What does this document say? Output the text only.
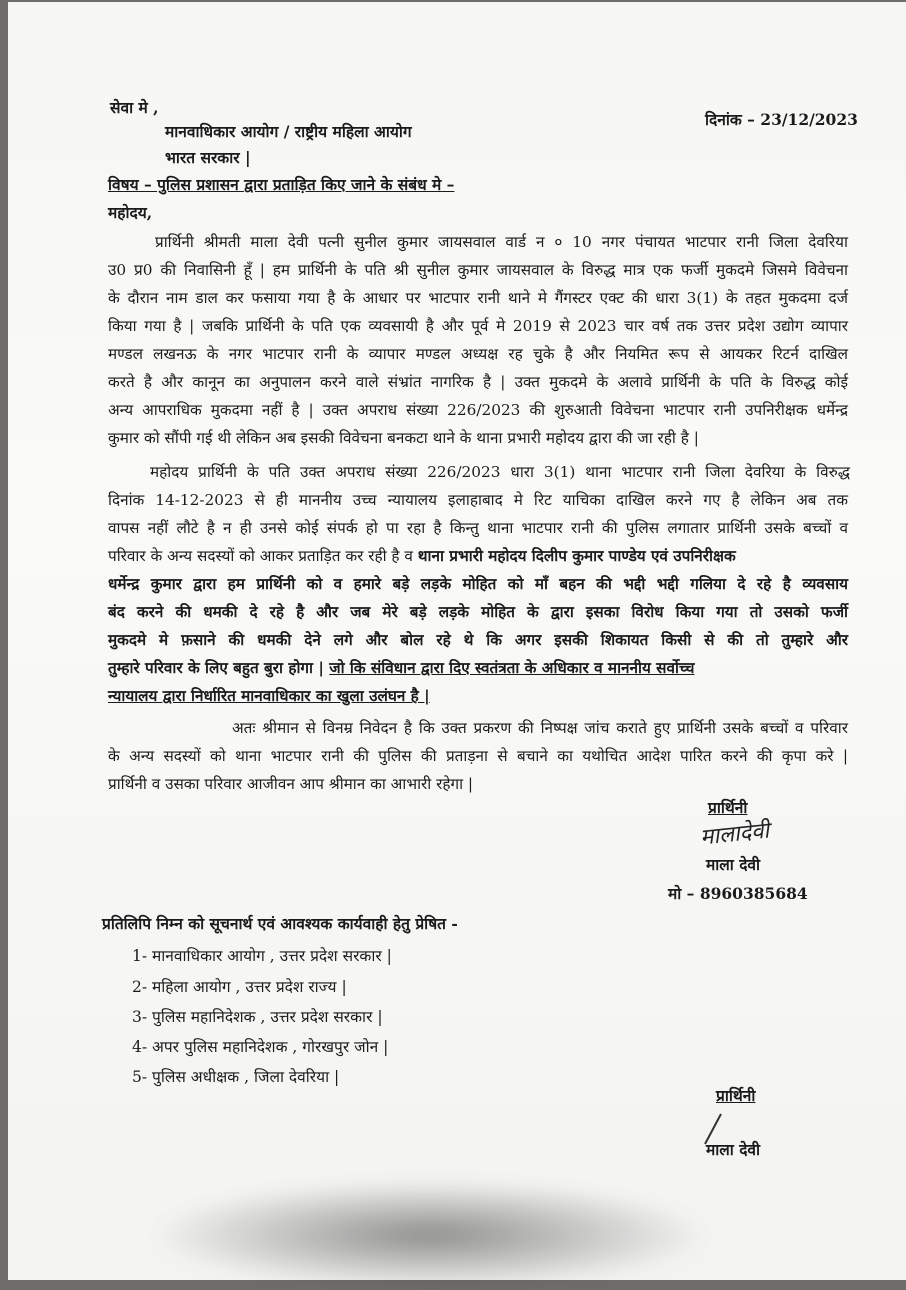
सेवा मे ,
मानवाधिकार आयोग / राष्ट्रीय महिला आयोग
भारत सरकार |
दिनांक – 23/12/2023
विषय – पुलिस प्रशासन द्वारा प्रताड़ित किए जाने के संबंध मे –
महोदय,
प्रार्थिनी श्रीमती माला देवी पत्नी सुनील कुमार जायसवाल वार्ड न ० 10 नगर पंचायत भाटपार रानी जिला देवरिया
उ0 प्र0 की निवासिनी हूँ | हम प्रार्थिनी के पति श्री सुनील कुमार जायसवाल के विरुद्ध मात्र एक फर्जी मुकदमे जिसमे विवेचना
के दौरान नाम डाल कर फसाया गया है के आधार पर भाटपार रानी थाने मे गैंगस्टर एक्ट की धारा 3(1) के तहत मुकदमा दर्ज
किया गया है | जबकि प्रार्थिनी के पति एक व्यवसायी है और पूर्व मे 2019 से 2023 चार वर्ष तक उत्तर प्रदेश उद्योग व्यापार
मण्डल लखनऊ के नगर भाटपार रानी के व्यापार मण्डल अध्यक्ष रह चुके है और नियमित रूप से आयकर रिटर्न दाखिल
करते है और कानून का अनुपालन करने वाले संभ्रांत नागरिक है | उक्त मुकदमे के अलावे प्रार्थिनी के पति के विरुद्ध कोई
अन्य आपराधिक मुकदमा नहीं है | उक्त अपराध संख्या 226/2023 की शुरुआती विवेचना भाटपार रानी उपनिरीक्षक धर्मेन्द्र
कुमार को सौंपी गई थी लेकिन अब इसकी विवेचना बनकटा थाने के थाना प्रभारी महोदय द्वारा की जा रही है |
महोदय प्रार्थिनी के पति उक्त अपराध संख्या 226/2023 धारा 3(1) थाना भाटपार रानी जिला देवरिया के विरुद्ध
दिनांक 14-12-2023 से ही माननीय उच्च न्यायालय इलाहाबाद मे रिट याचिका दाखिल करने गए है लेकिन अब तक
वापस नहीं लौटे है न ही उनसे कोई संपर्क हो पा रहा है किन्तु थाना भाटपार रानी की पुलिस लगातार प्रार्थिनी उसके बच्चों व
परिवार के अन्य सदस्यों को आकर प्रताड़ित कर रही है व थाना प्रभारी महोदय दिलीप कुमार पाण्डेय एवं उपनिरीक्षक
धर्मेन्द्र कुमार द्वारा हम प्रार्थिनी को व हमारे बड़े लड़के मोहित को माँ बहन की भद्दी भद्दी गलिया दे रहे है व्यवसाय
बंद करने की धमकी दे रहे है और जब मेरे बड़े लड़के मोहित के द्वारा इसका विरोध किया गया तो उसको फर्जी
मुकदमे मे फ़साने की धमकी देने लगे और बोल रहे थे कि अगर इसकी शिकायत किसी से की तो तुम्हारे और
तुम्हारे परिवार के लिए बहुत बुरा होगा | जो कि संविधान द्वारा दिए स्वतंत्रता के अधिकार व माननीय सर्वोच्च
न्यायालय द्वारा निर्धारित मानवाधिकार का खुला उलंघन है |
अतः श्रीमान से विनम्र निवेदन है कि उक्त प्रकरण की निष्पक्ष जांच कराते हुए प्रार्थिनी उसके बच्चों व परिवार
के अन्य सदस्यों को थाना भाटपार रानी की पुलिस की प्रताड़ना से बचाने का यथोचित आदेश पारित करने की कृपा करे |
प्रार्थिनी व उसका परिवार आजीवन आप श्रीमान का आभारी रहेगा |
प्रार्थिनी
मालादेवी
माला देवी
मो – 8960385684
प्रतिलिपि निम्न को सूचनार्थ एवं आवश्यक कार्यवाही हेतु प्रेषित -
1- मानवाधिकार आयोग , उत्तर प्रदेश सरकार |
2- महिला आयोग , उत्तर प्रदेश राज्य |
3- पुलिस महानिदेशक , उत्तर प्रदेश सरकार |
4- अपर पुलिस महानिदेशक , गोरखपुर जोन |
5- पुलिस अधीक्षक , जिला देवरिया |
प्रार्थिनी
माला देवी
